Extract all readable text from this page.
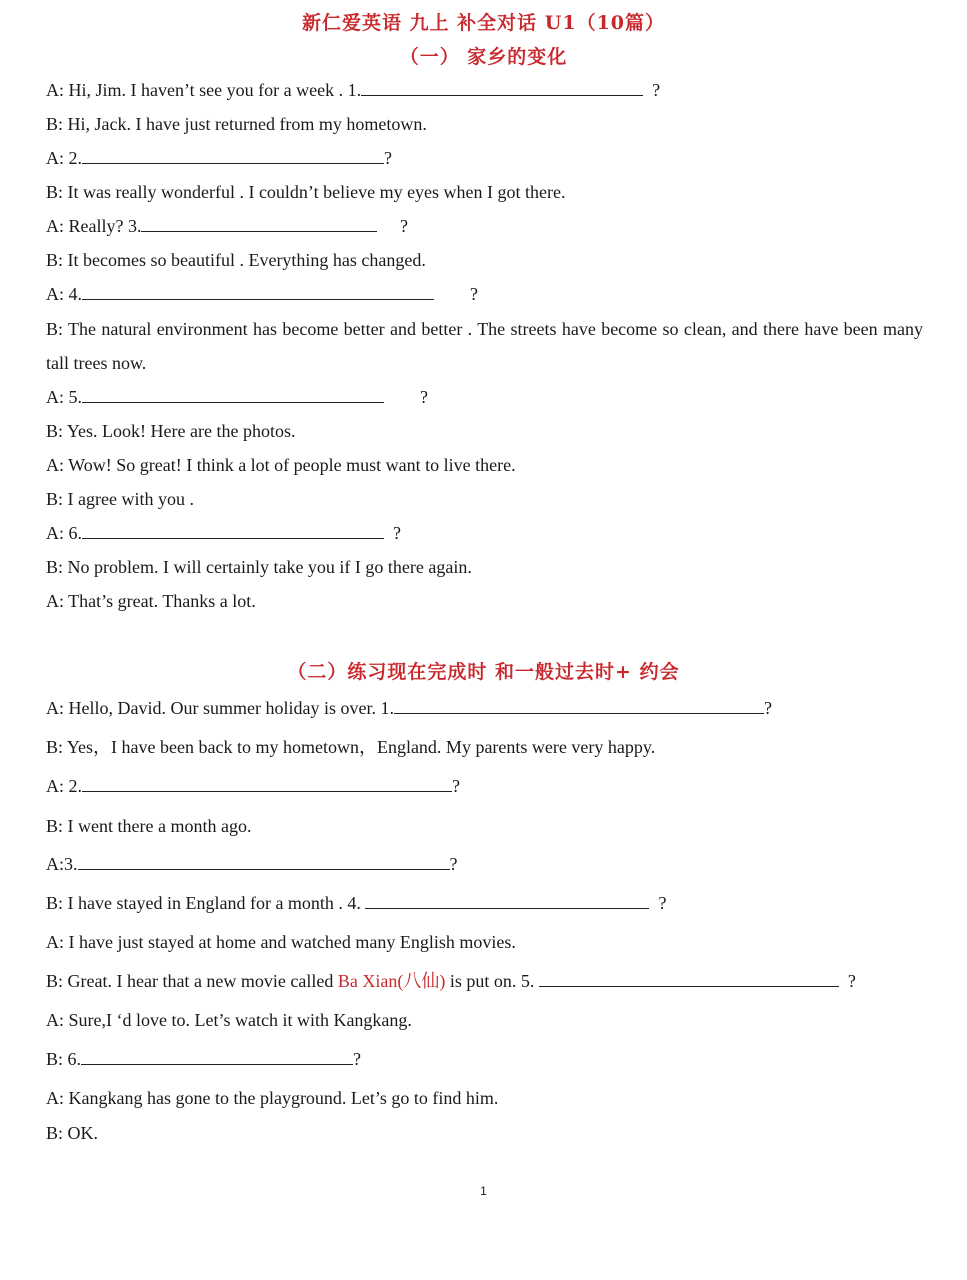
新仁爱英语 九上 补全对话 U1（10篇）
（一） 家乡的变化
A: Hi, Jim. I haven’t see you for a week . 1.	?
B: Hi, Jack. I have just returned from my hometown.
A: 2.	?
B: It was really wonderful . I couldn’t believe my eyes when I got there.
A: Really? 3.	?
B: It becomes so beautiful . Everything has changed.
A: 4.	?
B: The natural environment has become better and better . The streets have become so clean, and there have been many tall trees now.
A: 5.	?
B: Yes. Look! Here are the photos.
A: Wow! So great! I think a lot of people must want to live there.
B: I agree with you .
A: 6.	?
B: No problem. I will certainly take you if I go there again.
A: That’s great. Thanks a lot.
（二）练习现在完成时 和一般过去时+ 约会
A: Hello, David. Our summer holiday is over. 1.	?
B: Yes，I have been back to my hometown，England. My parents were very happy.
A: 2.	?
B: I went there a month ago.
A:3.	?
B: I have stayed in England for a month . 4.	?
A: I have just stayed at home and watched many English movies.
B: Great. I hear that a new movie called Ba Xian(八仙) is put on. 5.	?
A: Sure,I ‘d love to. Let’s watch it with Kangkang.
B: 6.	?
A: Kangkang has gone to the playground. Let’s go to find him.
B: OK.
1
